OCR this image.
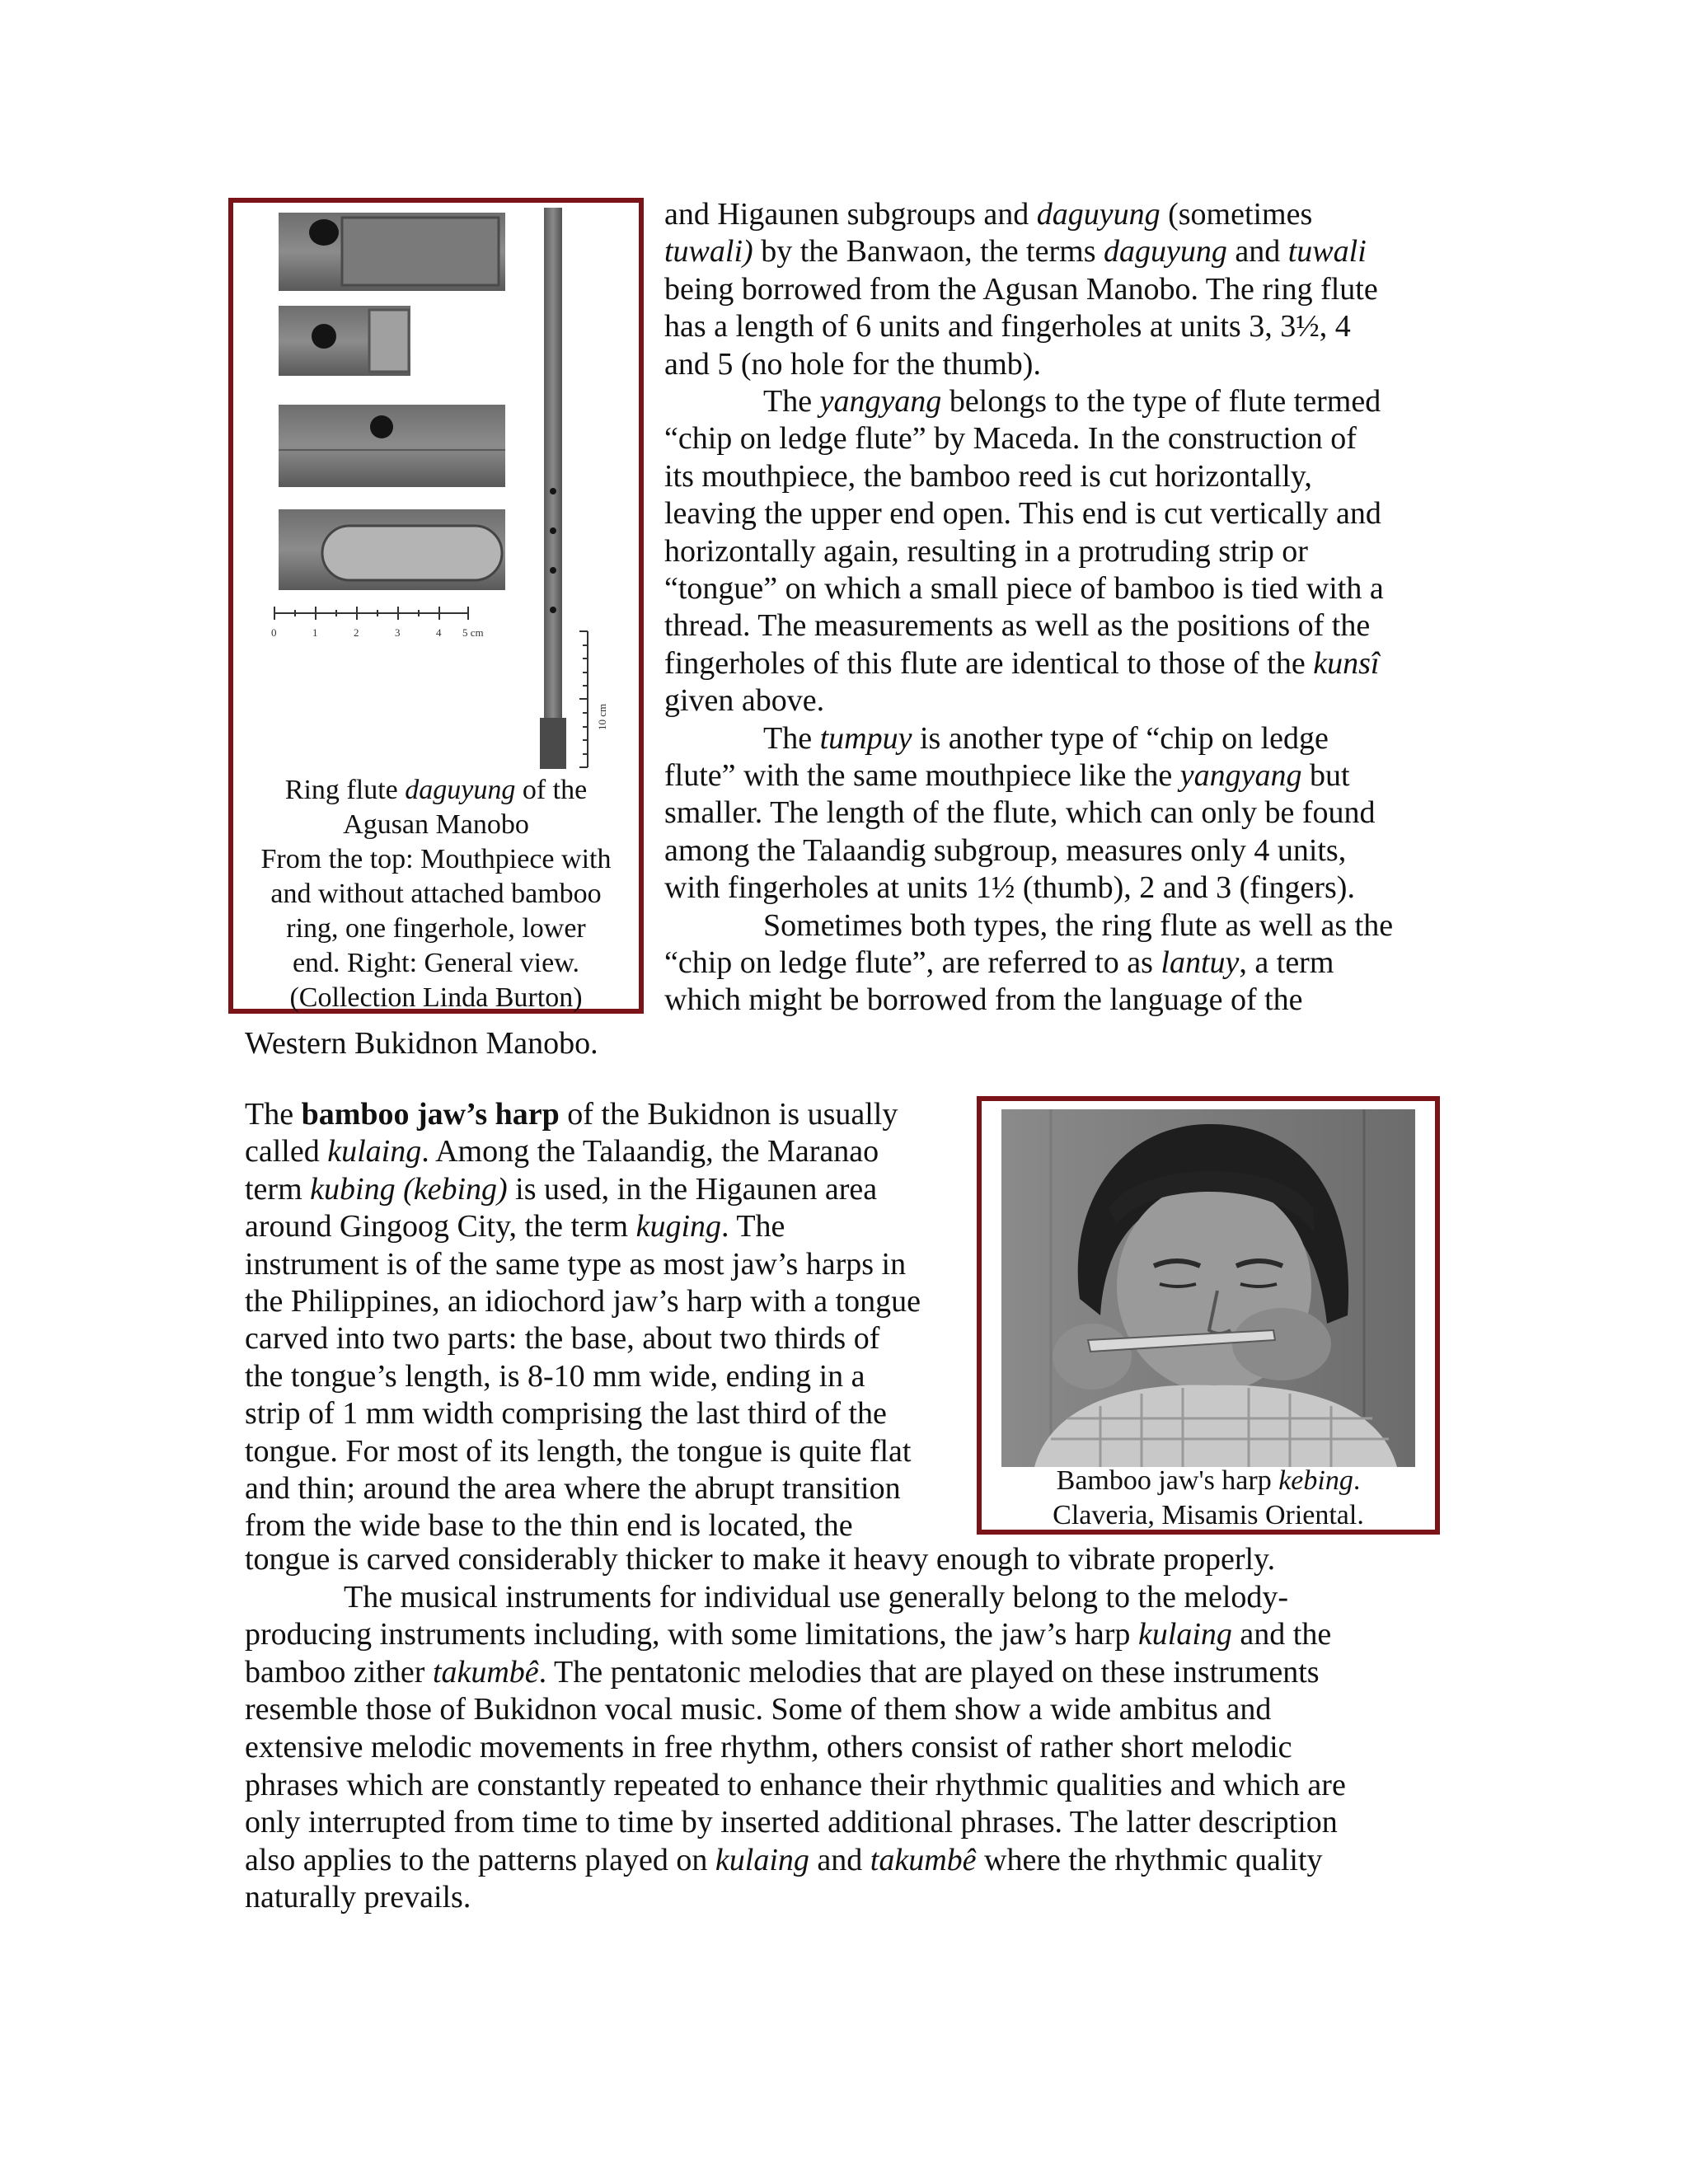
0	1	2	3	4 5 cm
10 cm
Ring flute daguyung of the
Agusan Manobo
From the top: Mouthpiece with
and without attached bamboo
ring, one fingerhole, lower
end. Right: General view.
(Collection Linda Burton)
and Higaunen subgroups and daguyung (sometimes
tuwali) by the Banwaon, the terms daguyung and tuwali
being borrowed from the Agusan Manobo. The ring flute
has a length of 6 units and fingerholes at units 3, 3½, 4
and 5 (no hole for the thumb).
The yangyang belongs to the type of flute termed
“chip on ledge flute” by Maceda. In the construction of
its mouthpiece, the bamboo reed is cut horizontally,
leaving the upper end open. This end is cut vertically and
horizontally again, resulting in a protruding strip or
“tongue” on which a small piece of bamboo is tied with a
thread. The measurements as well as the positions of the
fingerholes of this flute are identical to those of the kunsî
given above.
The tumpuy is another type of “chip on ledge
flute” with the same mouthpiece like the yangyang but
smaller. The length of the flute, which can only be found
among the Talaandig subgroup, measures only 4 units,
with fingerholes at units 1½ (thumb), 2 and 3 (fingers).
Sometimes both types, the ring flute as well as the
“chip on ledge flute”, are referred to as lantuy, a term
which might be borrowed from the language of the
Western Bukidnon Manobo.
Bamboo jaw's harp kebing.
Claveria, Misamis Oriental.
The bamboo jaw’s harp of the Bukidnon is usually
called kulaing. Among the Talaandig, the Maranao
term kubing (kebing) is used, in the Higaunen area
around Gingoog City, the term kuging. The
instrument is of the same type as most jaw’s harps in
the Philippines, an idiochord jaw’s harp with a tongue
carved into two parts: the base, about two thirds of
the tongue’s length, is 8-10 mm wide, ending in a
strip of 1 mm width comprising the last third of the
tongue. For most of its length, the tongue is quite flat
and thin; around the area where the abrupt transition
from the wide base to the thin end is located, the
tongue is carved considerably thicker to make it heavy enough to vibrate properly.
The musical instruments for individual use generally belong to the melody-
producing instruments including, with some limitations, the jaw’s harp kulaing and the
bamboo zither takumbê. The pentatonic melodies that are played on these instruments
resemble those of Bukidnon vocal music. Some of them show a wide ambitus and
extensive melodic movements in free rhythm, others consist of rather short melodic
phrases which are constantly repeated to enhance their rhythmic qualities and which are
only interrupted from time to time by inserted additional phrases. The latter description
also applies to the patterns played on kulaing and takumbê where the rhythmic quality
naturally prevails.
